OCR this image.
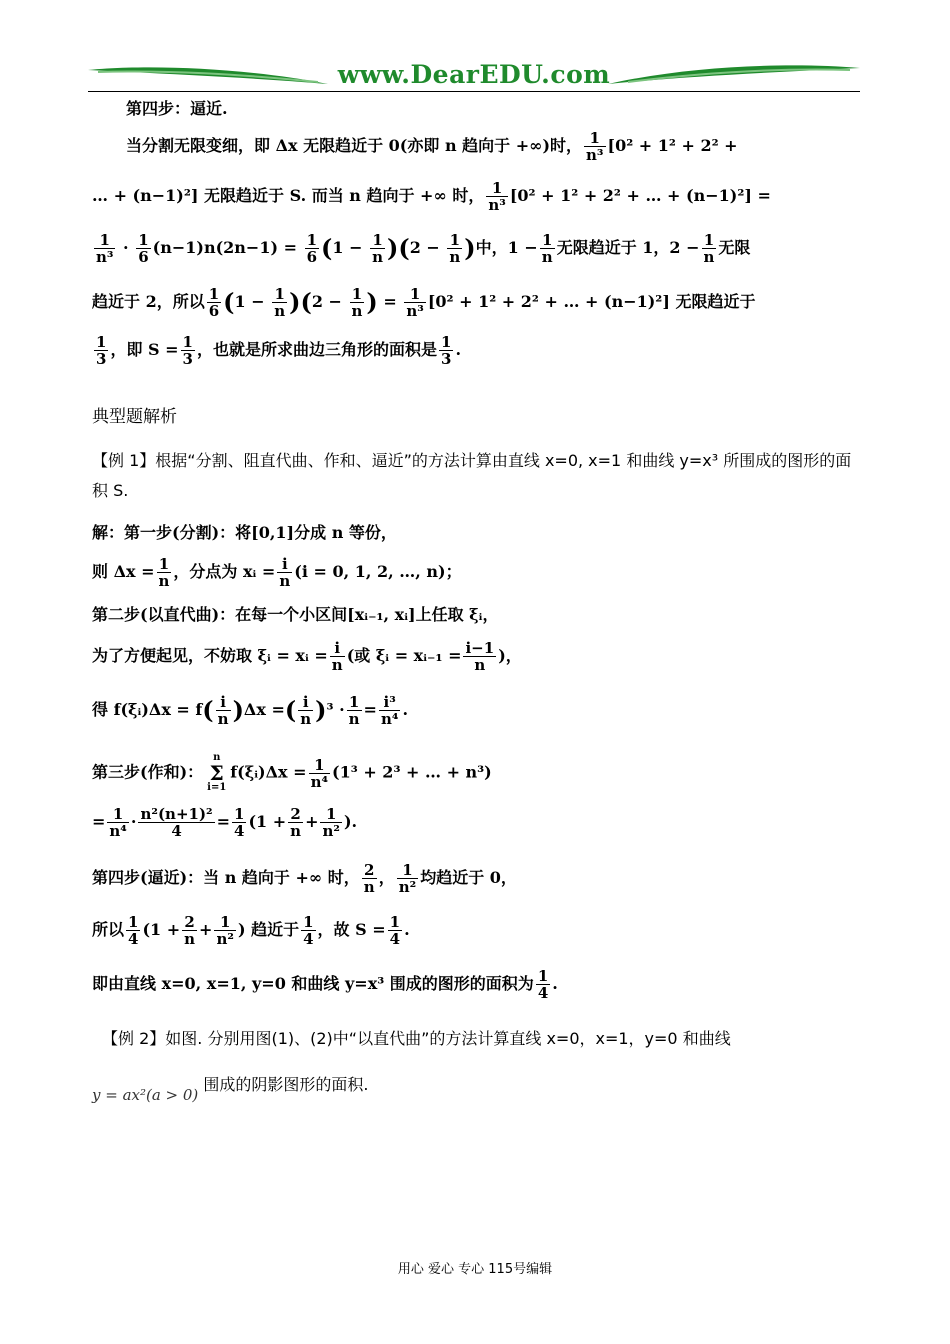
www.DearEDU.com
第四步：逼近.
当分割无限变细，即 Δx 无限趋近于 0(亦即 n 趋向于 +∞)时， $\frac{1}{\text{n³}} [0^2 + 1^2 + 2^2$ +
… + (n−1)²] 无限趋近于 S. 而当 n 趋向于 +∞ 时， $\frac{1}{\text{n³}} [0^2 + 1^2 + 2^2$ + … + (n−1)²] =
$\frac{1}{\text{n³}} \cdot \frac{1}{6} (n-1)n(2n-1) = \frac{1}{6} (1 - \frac{1}{n} )(2 - \frac{1}{n}$ )中，$1 - \frac{1}{n}$ 无限趋近于 1，$2 - \frac{1}{n}$ 无限
趋近于 2，所以 $\frac{1}{6} (1 - \frac{1}{n} )(2 - \frac{1}{n}$ ) = $\frac{1}{\text{n³}} [0^2 + 1^2 + 2^2$ + … + (n−1)²] 无限趋近于
$\frac{1}{3}$ ，即 $S = \frac{1}{3}$ ，也就是所求曲边三角形的面积是 $\frac{1}{3}$ .
典型题解析
【例 1】根据“分割、阻直代曲、作和、逼近”的方法计算由直线 x=0, x=1 和曲线 y=x³ 所围成的图形的面积 S.
解：第一步(分割)：将[0,1]分成 n 等份，
则 $\Delta x = \frac{1}{n}$ ，分点为 xᵢ = $\frac{i}{n} (i = 0$, 1, 2, …, n)；
第二步(以直代曲)：在每一个小区间[xᵢ₋₁, xᵢ]上任取 ξᵢ，
为了方便起见，不妨取 ξᵢ = xᵢ = $\frac{i}{n}$ (或 ξᵢ = xᵢ₋₁ = $\frac{i-1}{n}$ )，
得 f(ξᵢ)Δx = $f( \frac{i}{n} )\Delta x$ =( $\frac{i}{n} )^3 \cdot \frac{1}{n} = \frac{\text{i³}}{\text{n⁴}}$ .
第三步(作和)：
n
Σ
i=1
f(ξᵢ)Δx = $\frac{1}{\text{n⁴}} (1^3 + 2^3$ + … + n³)
= $\frac{1}{\text{n⁴}} \cdot \frac{\text{n²(n+1)²}}{4} = \frac{1}{4} (1 + \frac{2}{n} + \frac{1}{\text{n²}}$ ).
第四步(逼近)：当 n 趋向于 +∞ 时， $\frac{2}{n}$ ， $\frac{1}{\text{n²}}$ 均趋近于 0，
所以 $\frac{1}{4} (1 + \frac{2}{n} + \frac{1}{\text{n²}}$ ) 趋近于 $\frac{1}{4}$ ，故 $S = \frac{1}{4}$ .
即由直线 x=0, x=1, y=0 和曲线 y=x³ 围成的图形的面积为 $\frac{1}{4}$ .
【例 2】如图. 分别用图(1)、(2)中“以直代曲”的方法计算直线 x=0，x=1，y=0 和曲线
y = ax²(a > 0) 围成的阴影图形的面积.
用心 爱心 专心 115号编辑
